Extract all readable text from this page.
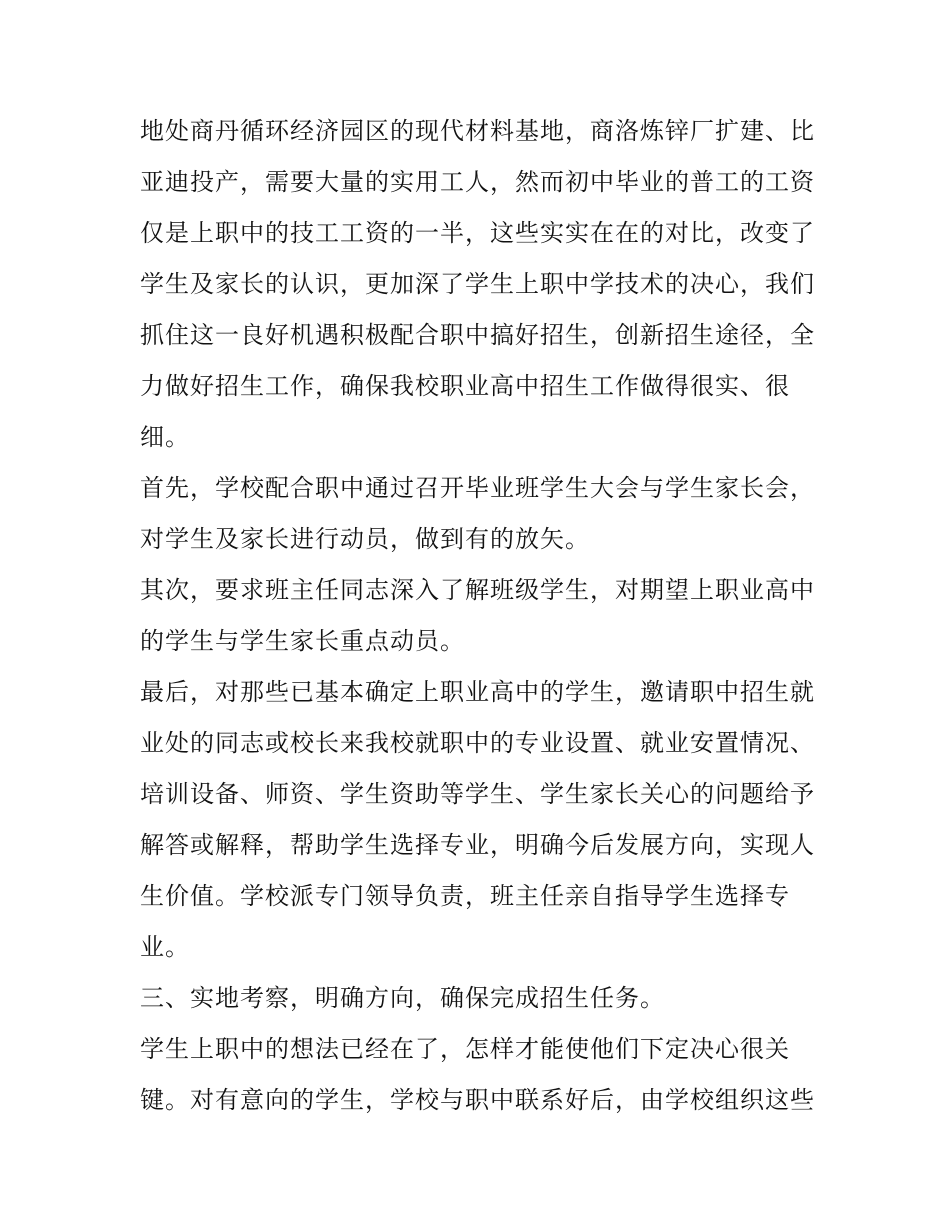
地处商丹循环经济园区的现代材料基地，商洛炼锌厂扩建、比
亚迪投产，需要大量的实用工人，然而初中毕业的普工的工资
仅是上职中的技工工资的一半，这些实实在在的对比，改变了
学生及家长的认识，更加深了学生上职中学技术的决心，我们
抓住这一良好机遇积极配合职中搞好招生，创新招生途径，全
力做好招生工作，确保我校职业高中招生工作做得很实、很
细。
首先，学校配合职中通过召开毕业班学生大会与学生家长会，
对学生及家长进行动员，做到有的放矢。
其次，要求班主任同志深入了解班级学生，对期望上职业高中
的学生与学生家长重点动员。
最后，对那些已基本确定上职业高中的学生，邀请职中招生就
业处的同志或校长来我校就职中的专业设置、就业安置情况、
培训设备、师资、学生资助等学生、学生家长关心的问题给予
解答或解释，帮助学生选择专业，明确今后发展方向，实现人
生价值。学校派专门领导负责，班主任亲自指导学生选择专
业。
三、实地考察，明确方向，确保完成招生任务。
学生上职中的想法已经在了，怎样才能使他们下定决心很关
键。对有意向的学生，学校与职中联系好后，由学校组织这些
